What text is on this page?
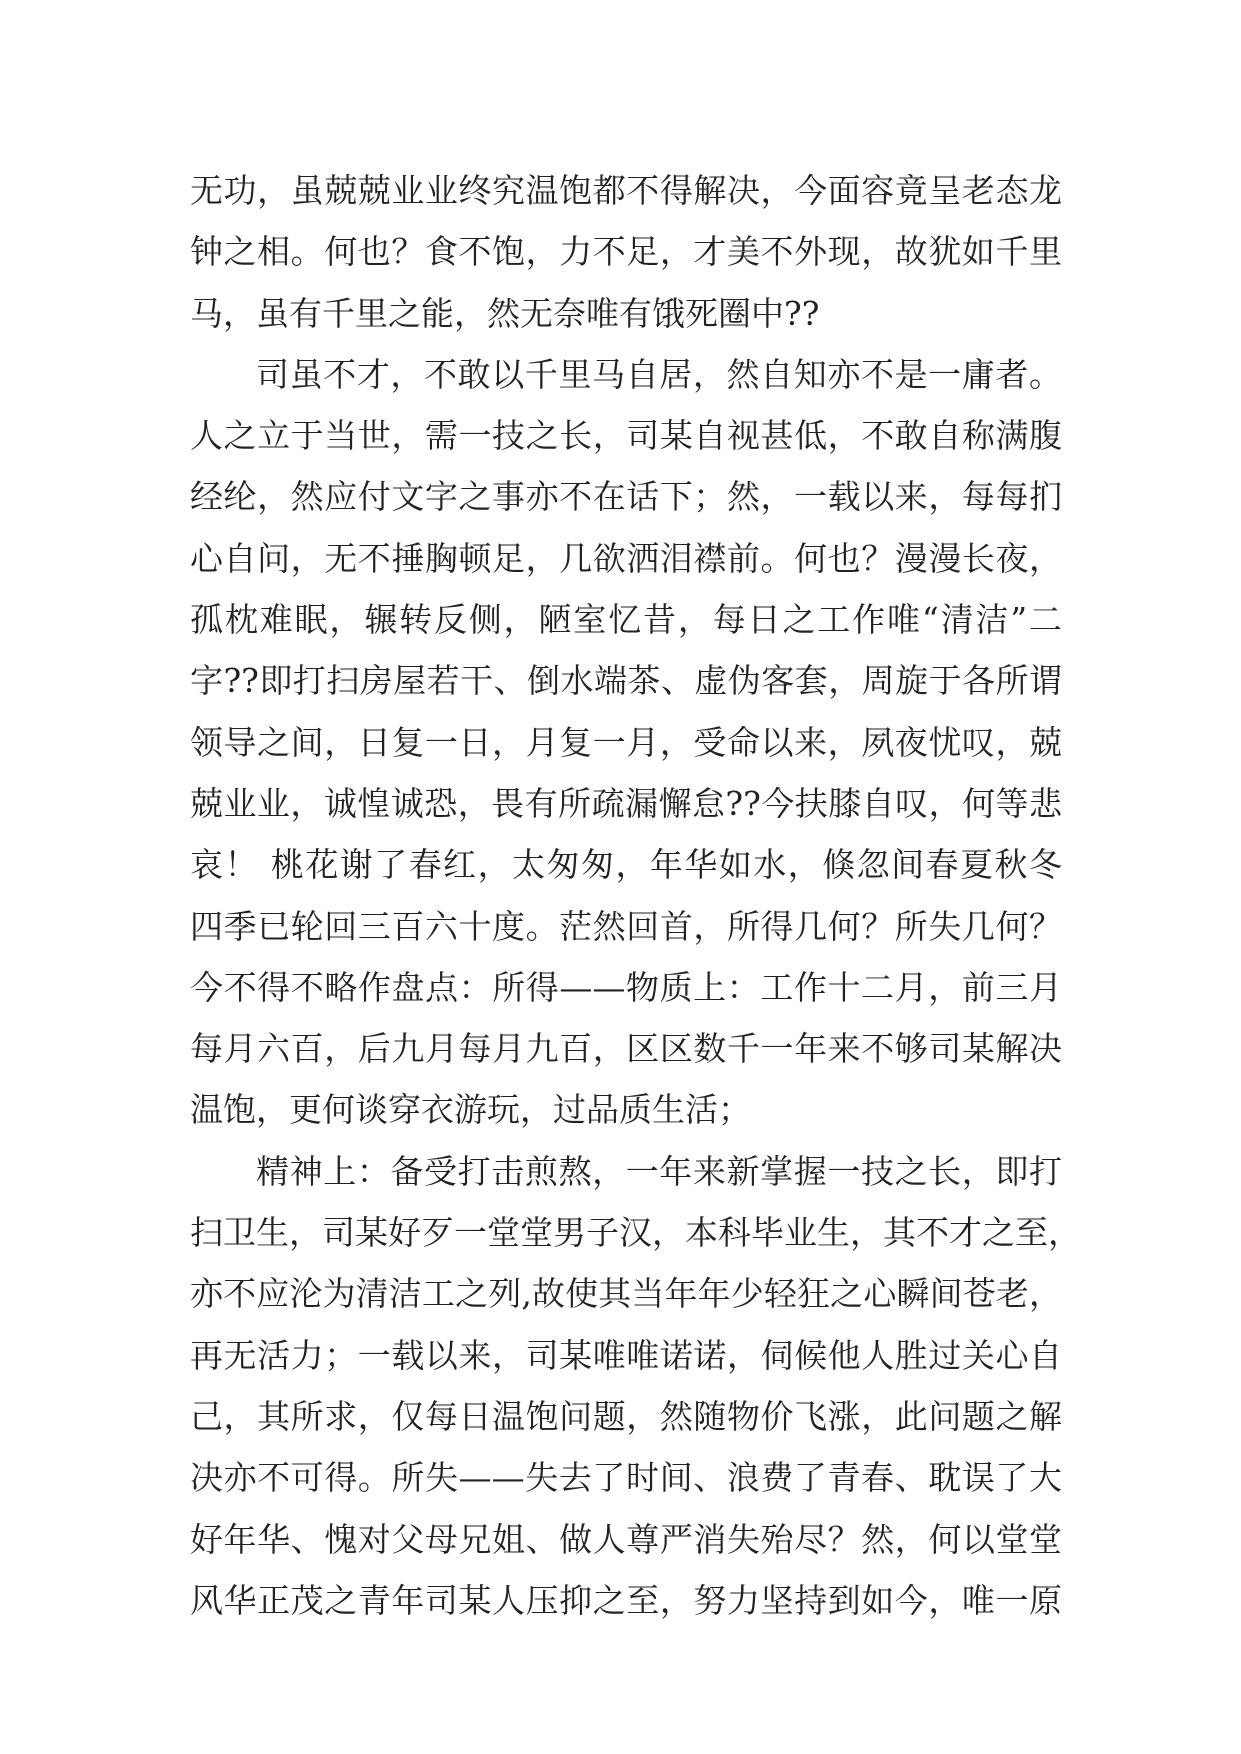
无功，虽兢兢业业终究温饱都不得解决，今面容竟呈老态龙
钟之相。何也？食不饱，力不足，才美不外现，故犹如千里
马，虽有千里之能，然无奈唯有饿死圈中??
司虽不才，不敢以千里马自居，然自知亦不是一庸者。
人之立于当世，需一技之长，司某自视甚低，不敢自称满腹
经纶，然应付文字之事亦不在话下；然，一载以来，每每扪
心自问，无不捶胸顿足，几欲洒泪襟前。何也？漫漫长夜，
孤枕难眠，辗转反侧，陋室忆昔，每日之工作唯“清洁”二
字??即打扫房屋若干、倒水端茶、虚伪客套，周旋于各所谓
领导之间，日复一日，月复一月，受命以来，夙夜忧叹，兢
兢业业，诚惶诚恐，畏有所疏漏懈怠??今扶膝自叹，何等悲
哀！ 桃花谢了春红，太匆匆，年华如水，倏忽间春夏秋冬
四季已轮回三百六十度。茫然回首，所得几何？所失几何？
今不得不略作盘点：所得——物质上：工作十二月，前三月
每月六百，后九月每月九百，区区数千一年来不够司某解决
温饱，更何谈穿衣游玩，过品质生活；
精神上：备受打击煎熬，一年来新掌握一技之长，即打
扫卫生，司某好歹一堂堂男子汉，本科毕业生，其不才之至，
亦不应沦为清洁工之列,故使其当年年少轻狂之心瞬间苍老，
再无活力；一载以来，司某唯唯诺诺，伺候他人胜过关心自
己，其所求，仅每日温饱问题，然随物价飞涨，此问题之解
决亦不可得。所失——失去了时间、浪费了青春、耽误了大
好年华、愧对父母兄姐、做人尊严消失殆尽？然，何以堂堂
风华正茂之青年司某人压抑之至，努力坚持到如今，唯一原
